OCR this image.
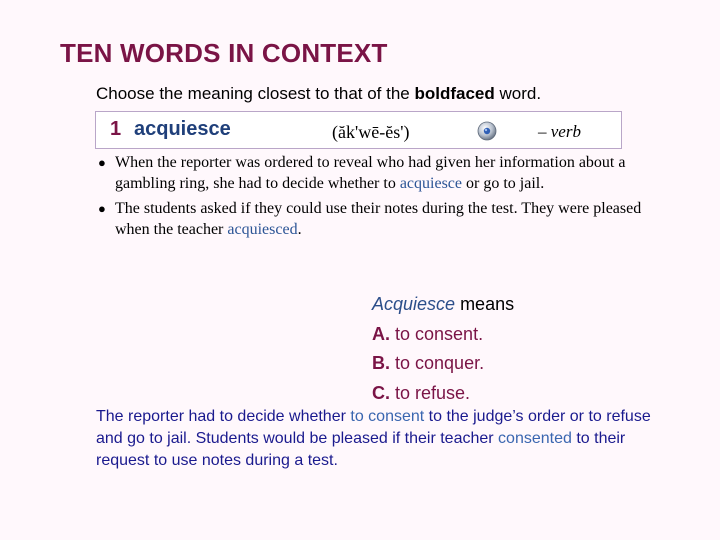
TEN WORDS IN CONTEXT
Choose the meaning closest to that of the boldfaced word.
1 acquiesce	(ăk'wē-ĕs')	– verb
● When the reporter was ordered to reveal who had given her information about a gambling ring, she had to decide whether to acquiesce or go to jail.
● The students asked if they could use their notes during the test. They were pleased when the teacher acquiesced.
Acquiesce means
A. to consent.
B. to conquer.
C. to refuse.
The reporter had to decide whether to consent to the judge’s order or to refuse and go to jail. Students would be pleased if their teacher consented to their request to use notes during a test.
